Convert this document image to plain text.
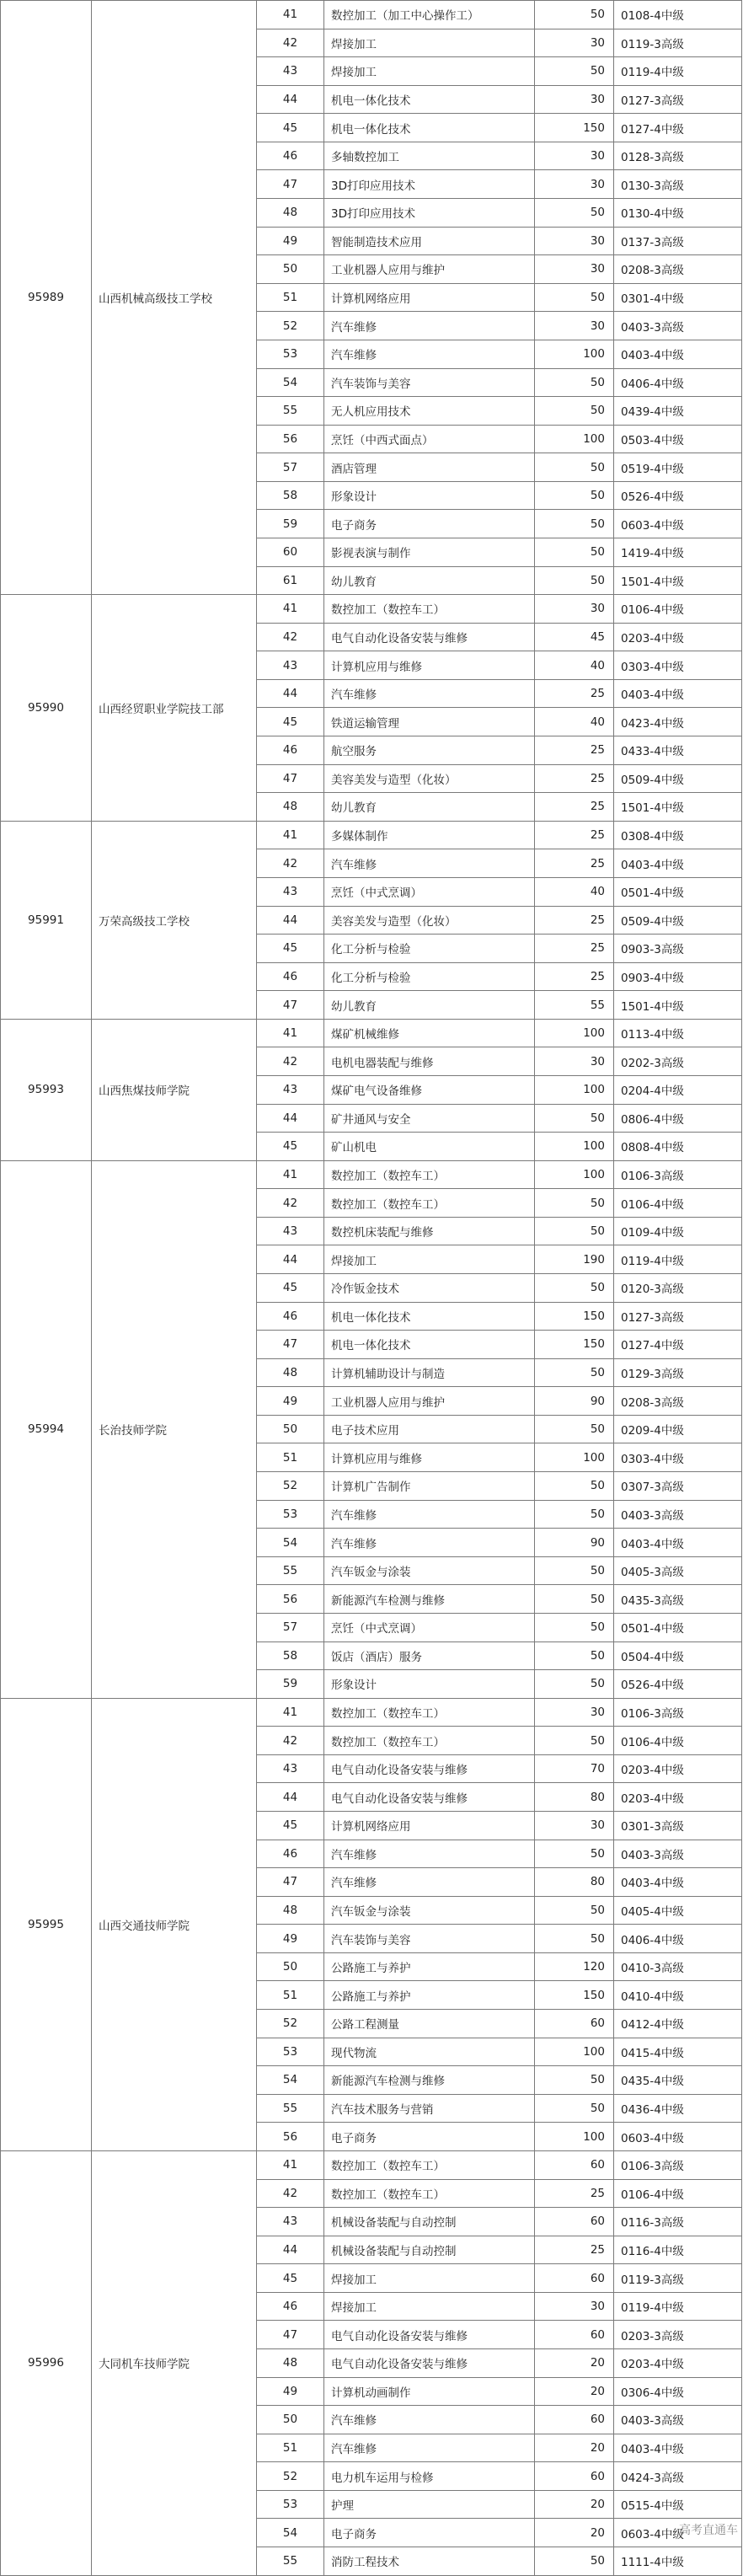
95989	山西机械高级技工学校	41	数控加工（加工中心操作工）	50	0108-4中级
		42	焊接加工	30	0119-3高级
		43	焊接加工	50	0119-4中级
		44	机电一体化技术	30	0127-3高级
		45	机电一体化技术	150	0127-4中级
		46	多轴数控加工	30	0128-3高级
		47	3D打印应用技术	30	0130-3高级
		48	3D打印应用技术	50	0130-4中级
		49	智能制造技术应用	30	0137-3高级
		50	工业机器人应用与维护	30	0208-3高级
		51	计算机网络应用	50	0301-4中级
		52	汽车维修	30	0403-3高级
		53	汽车维修	100	0403-4中级
		54	汽车装饰与美容	50	0406-4中级
		55	无人机应用技术	50	0439-4中级
		56	烹饪（中西式面点）	100	0503-4中级
		57	酒店管理	50	0519-4中级
		58	形象设计	50	0526-4中级
		59	电子商务	50	0603-4中级
		60	影视表演与制作	50	1419-4中级
		61	幼儿教育	50	1501-4中级
95990	山西经贸职业学院技工部	41	数控加工（数控车工）	30	0106-4中级
		42	电气自动化设备安装与维修	45	0203-4中级
		43	计算机应用与维修	40	0303-4中级
		44	汽车维修	25	0403-4中级
		45	铁道运输管理	40	0423-4中级
		46	航空服务	25	0433-4中级
		47	美容美发与造型（化妆）	25	0509-4中级
		48	幼儿教育	25	1501-4中级
95991	万荣高级技工学校	41	多媒体制作	25	0308-4中级
		42	汽车维修	25	0403-4中级
		43	烹饪（中式烹调）	40	0501-4中级
		44	美容美发与造型（化妆）	25	0509-4中级
		45	化工分析与检验	25	0903-3高级
		46	化工分析与检验	25	0903-4中级
		47	幼儿教育	55	1501-4中级
95993	山西焦煤技师学院	41	煤矿机械维修	100	0113-4中级
		42	电机电器装配与维修	30	0202-3高级
		43	煤矿电气设备维修	100	0204-4中级
		44	矿井通风与安全	50	0806-4中级
		45	矿山机电	100	0808-4中级
95994	长治技师学院	41	数控加工（数控车工）	100	0106-3高级
		42	数控加工（数控车工）	50	0106-4中级
		43	数控机床装配与维修	50	0109-4中级
		44	焊接加工	190	0119-4中级
		45	冷作钣金技术	50	0120-3高级
		46	机电一体化技术	150	0127-3高级
		47	机电一体化技术	150	0127-4中级
		48	计算机辅助设计与制造	50	0129-3高级
		49	工业机器人应用与维护	90	0208-3高级
		50	电子技术应用	50	0209-4中级
		51	计算机应用与维修	100	0303-4中级
		52	计算机广告制作	50	0307-3高级
		53	汽车维修	50	0403-3高级
		54	汽车维修	90	0403-4中级
		55	汽车钣金与涂装	50	0405-3高级
		56	新能源汽车检测与维修	50	0435-3高级
		57	烹饪（中式烹调）	50	0501-4中级
		58	饭店（酒店）服务	50	0504-4中级
		59	形象设计	50	0526-4中级
95995	山西交通技师学院	41	数控加工（数控车工）	30	0106-3高级
		42	数控加工（数控车工）	50	0106-4中级
		43	电气自动化设备安装与维修	70	0203-4中级
		44	电气自动化设备安装与维修	80	0203-4中级
		45	计算机网络应用	30	0301-3高级
		46	汽车维修	50	0403-3高级
		47	汽车维修	80	0403-4中级
		48	汽车钣金与涂装	50	0405-4中级
		49	汽车装饰与美容	50	0406-4中级
		50	公路施工与养护	120	0410-3高级
		51	公路施工与养护	150	0410-4中级
		52	公路工程测量	60	0412-4中级
		53	现代物流	100	0415-4中级
		54	新能源汽车检测与维修	50	0435-4中级
		55	汽车技术服务与营销	50	0436-4中级
		56	电子商务	100	0603-4中级
95996	大同机车技师学院	41	数控加工（数控车工）	60	0106-3高级
		42	数控加工（数控车工）	25	0106-4中级
		43	机械设备装配与自动控制	60	0116-3高级
		44	机械设备装配与自动控制	25	0116-4中级
		45	焊接加工	60	0119-3高级
		46	焊接加工	30	0119-4中级
		47	电气自动化设备安装与维修	60	0203-3高级
		48	电气自动化设备安装与维修	20	0203-4中级
		49	计算机动画制作	20	0306-4中级
		50	汽车维修	60	0403-3高级
		51	汽车维修	20	0403-4中级
		52	电力机车运用与检修	60	0424-3高级
		53	护理	20	0515-4中级
		54	电子商务	20	0603-4中级
		55	消防工程技术	50	1111-4中级
高考直通车
